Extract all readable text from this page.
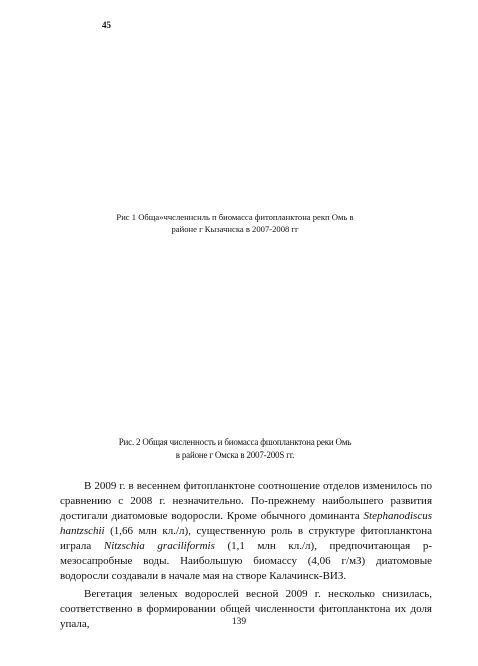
45
Рис 1 Обща»ччсленнснль п биомасса фитопланктона рекп Омь в
районе г Кызачнска в 2007-2008 гг
Рис. 2 Общая численность и биомасса фшопланктона реки Омь
в районе г Омска в 2007-200S гг.

В 2009 г. в весеннем фитопланктоне соотношение отделов изменилось по сравнению с 2008 г. незначительно. По-прежнему наибольшего развития достигали диатомовые водоросли. Кроме обычного доминанта Stephanodiscus hantzschii (1,66 млн кл./л), существенную роль в структуре фитопланктона играла Nitzschia graciliformis (1,1 млн кл./л), предпочитающая р-мезосапробные воды. Наибольшую биомассу (4,06 г/мЗ) диатомовые водоросли создавали в начале мая на створе Калачинск-ВИЗ.

Вегетация зеленых водорослей весной 2009 г. несколько снизилась, соответственно в формировании общей численности фитопланктона их доля упала,	139
